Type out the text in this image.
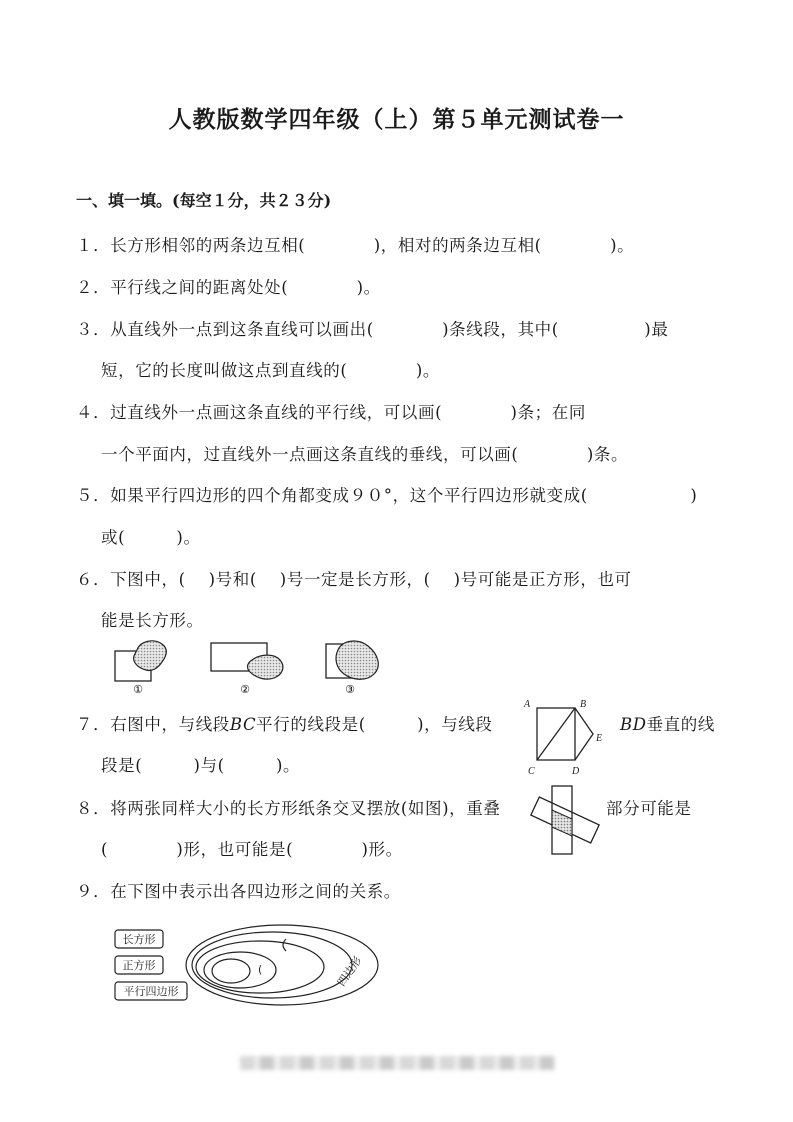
人教版数学四年级（上）第５单元测试卷一
一、填一填。(每空１分，共２３分)
１．长方形相邻的两条边互相(　　　　)，相对的两条边互相(　　　　)。
２．平行线之间的距离处处(　　　　)。
３．从直线外一点到这条直线可以画出(　　　　)条线段，其中(　　　　　)最
短，它的长度叫做这点到直线的(　　　　)。
４．过直线外一点画这条直线的平行线，可以画(　　　　)条；在同
一个平面内，过直线外一点画这条直线的垂线，可以画(　　　　)条。
５．如果平行四边形的四个角都变成９０°，这个平行四边形就变成(　　　　　　)
或(　　　)。
６．下图中，(　 )号和(　 )号一定是长方形，(　 )号可能是正方形，也可
能是长方形。
①	②	③
７．右图中，与线段BC平行的线段是(　　　)，与线段	BD垂直的线
段是(　　　)与(　　　)。
A	B
C	D
E
８．将两张同样大小的长方形纸条交叉摆放(如图)，重叠	部分可能是
(　　　　)形，也可能是(　　　　)形。
９．在下图中表示出各四边形之间的关系。
长方形
正方形
平行四边形
(　)	四边形
